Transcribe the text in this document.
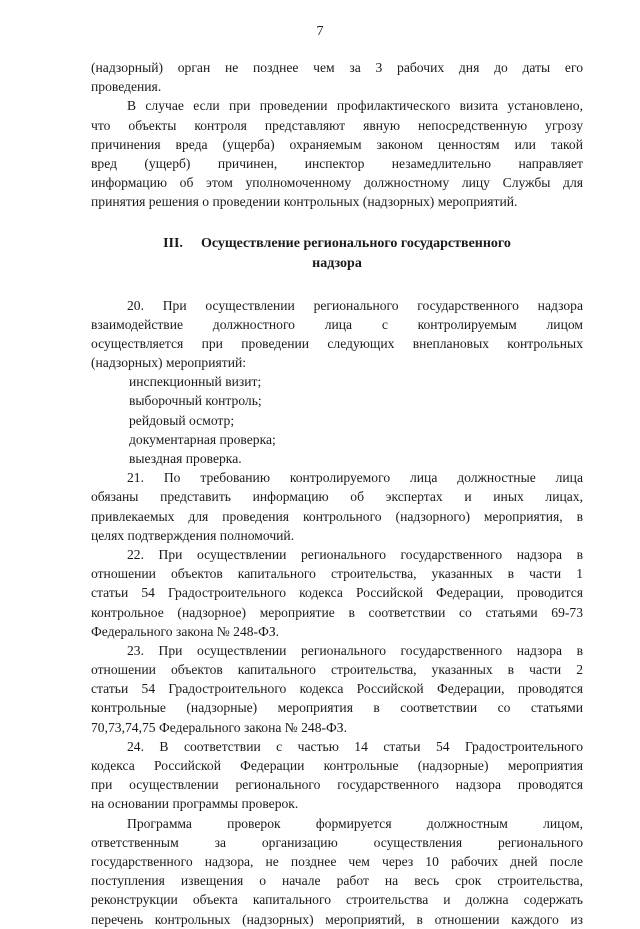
7
(надзорный) орган не позднее чем за 3 рабочих дня до даты его
проведения.
В случае если при проведении профилактического визита установлено,
что объекты контроля представляют явную непосредственную угрозу
причинения вреда (ущерба) охраняемым законом ценностям или такой
вред (ущерб) причинен, инспектор незамедлительно направляет
информацию об этом уполномоченному должностному лицу Службы для
принятия решения о проведении контрольных (надзорных) мероприятий.
III. Осуществление регионального государственного
надзора
20. При осуществлении регионального государственного надзора
взаимодействие должностного лица с контролируемым лицом
осуществляется при проведении следующих внеплановых контрольных
(надзорных) мероприятий:
инспекционный визит;
выборочный контроль;
рейдовый осмотр;
документарная проверка;
выездная проверка.
21. По требованию контролируемого лица должностные лица
обязаны представить информацию об экспертах и иных лицах,
привлекаемых для проведения контрольного (надзорного) мероприятия, в
целях подтверждения полномочий.
22. При осуществлении регионального государственного надзора в
отношении объектов капитального строительства, указанных в части 1
статьи 54 Градостроительного кодекса Российской Федерации, проводится
контрольное (надзорное) мероприятие в соответствии со статьями 69-73
Федерального закона № 248-ФЗ.
23. При осуществлении регионального государственного надзора в
отношении объектов капитального строительства, указанных в части 2
статьи 54 Градостроительного кодекса Российской Федерации, проводятся
контрольные (надзорные) мероприятия в соответствии со статьями
70,73,74,75 Федерального закона № 248-ФЗ.
24. В соответствии с частью 14 статьи 54 Градостроительного
кодекса Российской Федерации контрольные (надзорные) мероприятия
при осуществлении регионального государственного надзора проводятся
на основании программы проверок.
Программа проверок формируется должностным лицом,
ответственным за организацию осуществления регионального
государственного надзора, не позднее чем через 10 рабочих дней после
поступления извещения о начале работ на весь срок строительства,
реконструкции объекта капитального строительства и должна содержать
перечень контрольных (надзорных) мероприятий, в отношении каждого из
